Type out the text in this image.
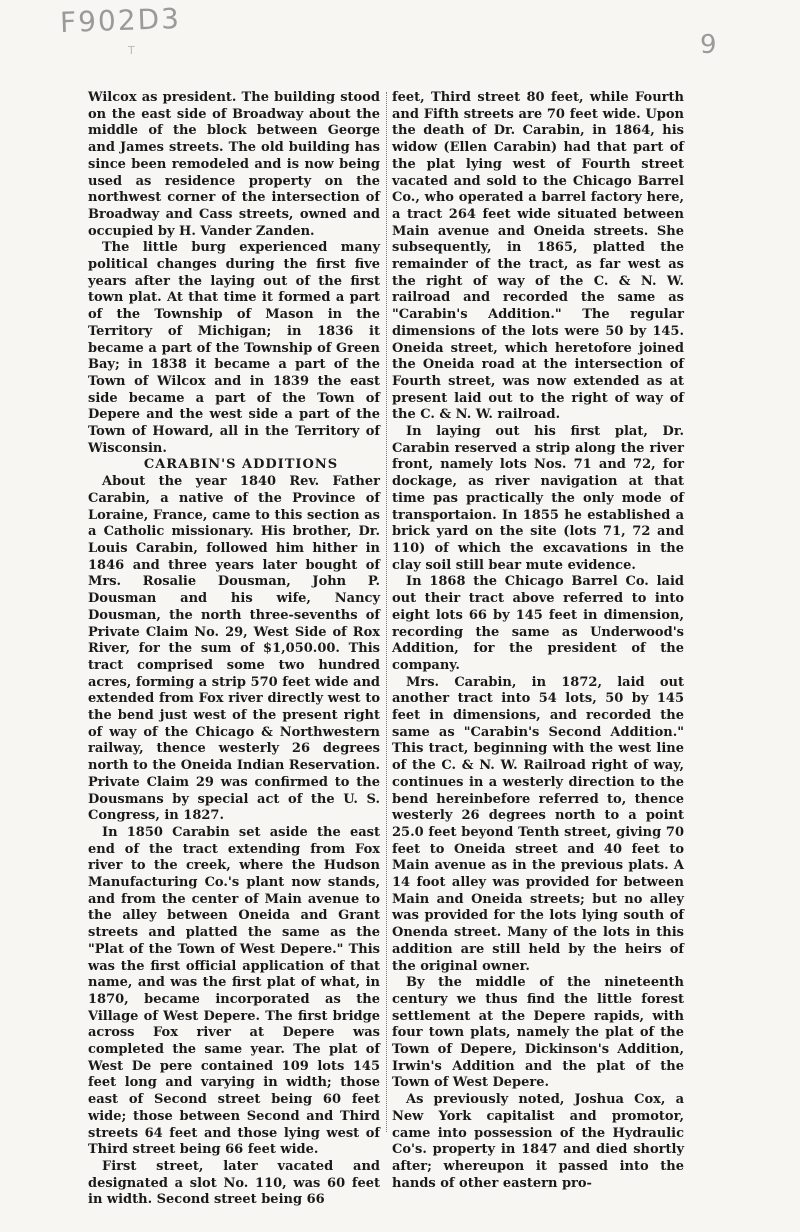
F902D3
T	9

Wilcox as president. The building stood on the east side of Broadway about the middle of the block between George and James streets. The old building has since been remodeled and is now being used as residence property on the northwest corner of the intersection of Broadway and Cass streets, owned and occupied by H. Vander Zanden.

The little burg experienced many political changes during the first five years after the laying out of the first town plat. At that time it formed a part of the Township of Mason in the Territory of Michigan; in 1836 it became a part of the Township of Green Bay; in 1838 it became a part of the Town of Wilcox and in 1839 the east side became a part of the Town of Depere and the west side a part of the Town of Howard, all in the Territory of Wisconsin.

CARABIN'S ADDITIONS

About the year 1840 Rev. Father Carabin, a native of the Province of Loraine, France, came to this section as a Catholic missionary. His brother, Dr. Louis Carabin, followed him hither in 1846 and three years later bought of Mrs. Rosalie Dousman, John P. Dousman and his wife, Nancy Dousman, the north three-sevenths of Private Claim No. 29, West Side of Rox River, for the sum of $1,050.00. This tract comprised some two hundred acres, forming a strip 570 feet wide and extended from Fox river directly west to the bend just west of the present right of way of the Chicago & Northwestern railway, thence westerly 26 degrees north to the Oneida Indian Reservation. Private Claim 29 was confirmed to the Dousmans by special act of the U. S. Congress, in 1827.

In 1850 Carabin set aside the east end of the tract extending from Fox river to the creek, where the Hudson Manufacturing Co.'s plant now stands, and from the center of Main avenue to the alley between Oneida and Grant streets and platted the same as the "Plat of the Town of West Depere." This was the first official application of that name, and was the first plat of what, in 1870, became incorporated as the Village of West Depere. The first bridge across Fox river at Depere was completed the same year. The plat of West De pere contained 109 lots 145 feet long and varying in width; those east of Second street being 60 feet wide; those between Second and Third streets 64 feet and those lying west of Third street being 66 feet wide.

First street, later vacated and designated a slot No. 110, was 60 feet in width. Second street being 66

feet, Third street 80 feet, while Fourth and Fifth streets are 70 feet wide. Upon the death of Dr. Carabin, in 1864, his widow (Ellen Carabin) had that part of the plat lying west of Fourth street vacated and sold to the Chicago Barrel Co., who operated a barrel factory here, a tract 264 feet wide situated between Main avenue and Oneida streets. She subsequently, in 1865, platted the remainder of the tract, as far west as the right of way of the C. & N. W. railroad and recorded the same as "Carabin's Addition." The regular dimensions of the lots were 50 by 145. Oneida street, which heretofore joined the Oneida road at the intersection of Fourth street, was now extended as at present laid out to the right of way of the C. & N. W. railroad.

In laying out his first plat, Dr. Carabin reserved a strip along the river front, namely lots Nos. 71 and 72, for dockage, as river navigation at that time pas practically the only mode of transportaion. In 1855 he established a brick yard on the site (lots 71, 72 and 110) of which the excavations in the clay soil still bear mute evidence.

In 1868 the Chicago Barrel Co. laid out their tract above referred to into eight lots 66 by 145 feet in dimension, recording the same as Underwood's Addition, for the president of the company.

Mrs. Carabin, in 1872, laid out another tract into 54 lots, 50 by 145 feet in dimensions, and recorded the same as "Carabin's Second Addition." This tract, beginning with the west line of the C. & N. W. Railroad right of way, continues in a westerly direction to the bend hereinbefore referred to, thence westerly 26 degrees north to a point 25.0 feet beyond Tenth street, giving 70 feet to Oneida street and 40 feet to Main avenue as in the previous plats. A 14 foot alley was provided for between Main and Oneida streets; but no alley was provided for the lots lying south of Onenda street. Many of the lots in this addition are still held by the heirs of the original owner.

By the middle of the nineteenth century we thus find the little forest settlement at the Depere rapids, with four town plats, namely the plat of the Town of Depere, Dickinson's Addition, Irwin's Addition and the plat of the Town of West Depere.

As previously noted, Joshua Cox, a New York capitalist and promotor, came into possession of the Hydraulic Co's. property in 1847 and died shortly after; whereupon it passed into the hands of other eastern pro-
